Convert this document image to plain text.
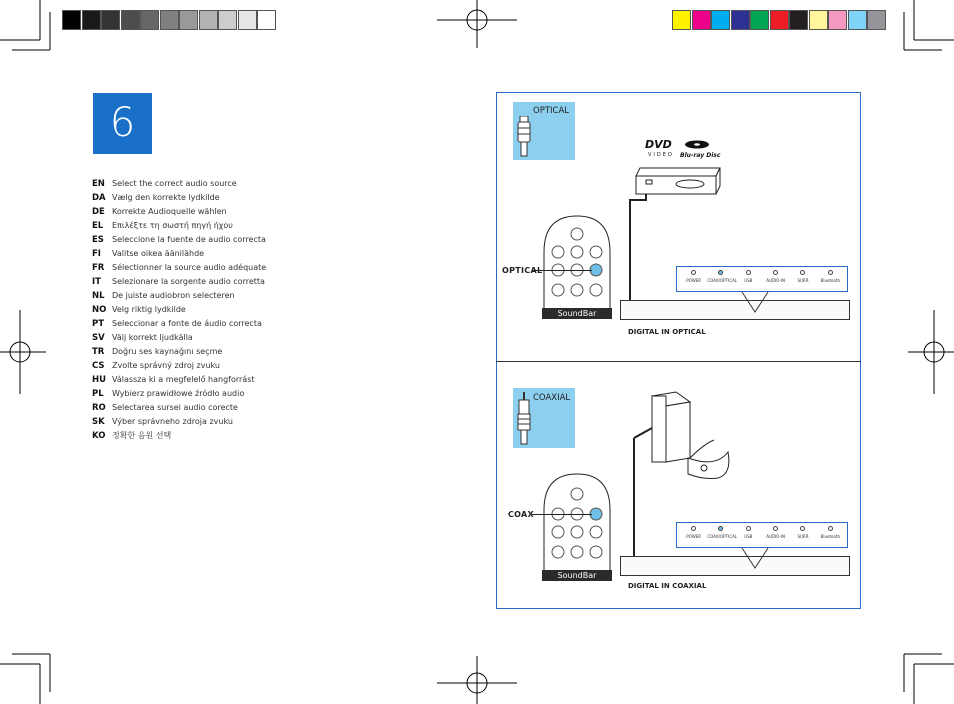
6
EN Select the correct audio source
DA Vælg den korrekte lydkilde
DE Korrekte Audioquelle wählen
EL Επιλέξτε τη σωστή πηγή ήχου
ES Seleccione la fuente de audio correcta
FI Valitse oikea äänilähde
FR Sélectionner la source audio adéquate
IT Selezionare la sorgente audio corretta
NL De juiste audiobron selecteren
NO Velg riktig lydkilde
PT Seleccionar a fonte de áudio correcta
SV Välj korrekt ljudkälla
TR Doğru ses kaynağını seçme
CS Zvolte správný zdroj zvuku
HU Válassza ki a megfelelő hangforrást
PL Wybierz prawidłowe źródło audio
RO Selectarea sursei audio corecte
SK Výber správneho zdroja zvuku
KO 정확한 음원 선택
OPTICAL
DVD
VIDEO Blu-ray Disc
SoundBar
OPTICAL
DIGITAL IN OPTICAL
COAXIAL
SoundBar
COAX
DIGITAL IN COAXIAL
POWER	COAX/OPTICAL	USB	AUDIO-IN	SURR	Bluetooth
POWER	COAX/OPTICAL	USB	AUDIO-IN	SURR	Bluetooth
